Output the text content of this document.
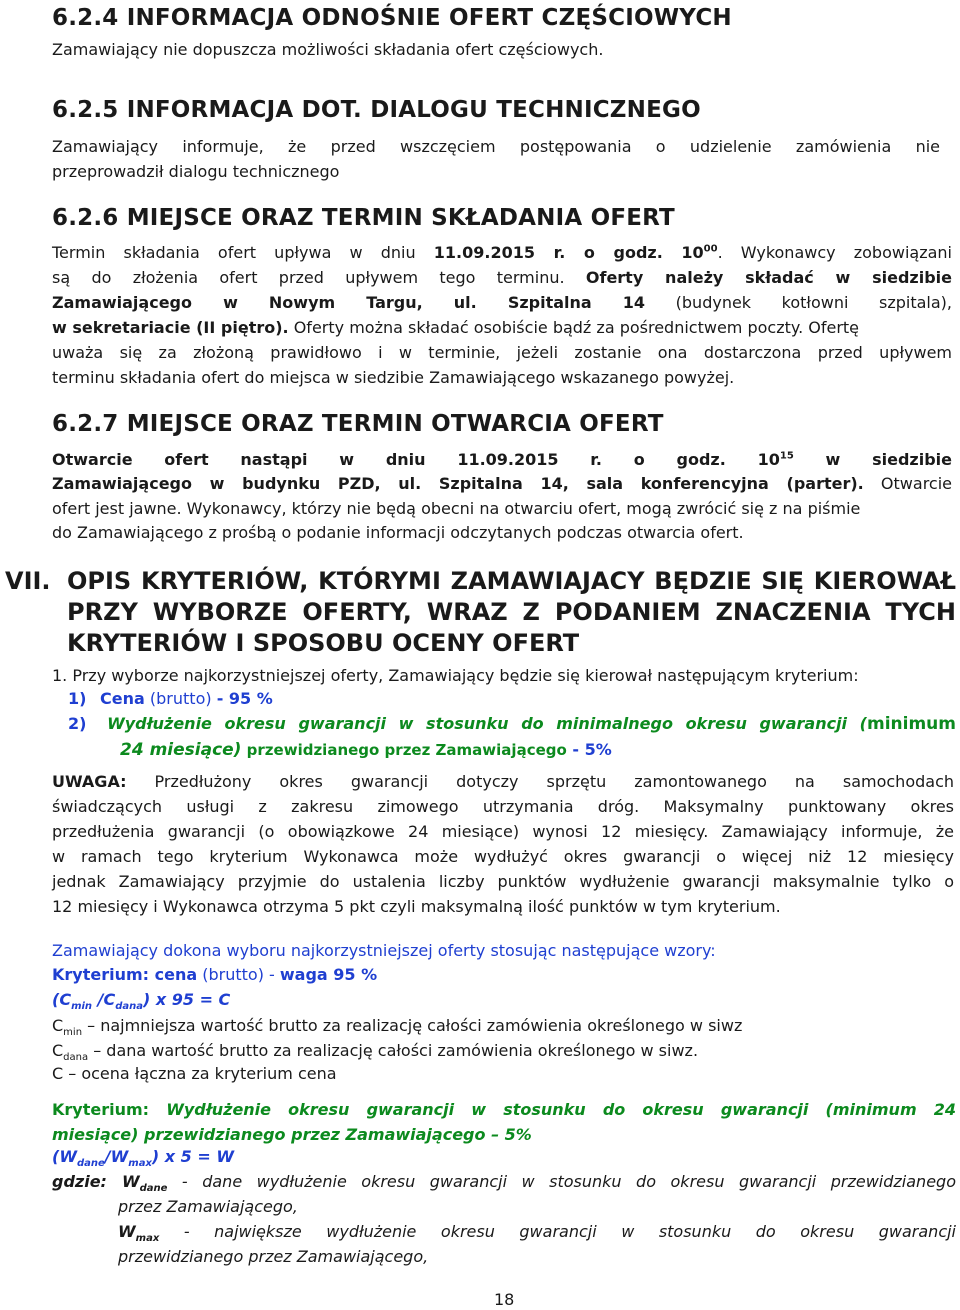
6.2.4 INFORMACJA ODNOŚNIE OFERT CZĘŚCIOWYCH
Zamawiający nie dopuszcza możliwości składania ofert częściowych.
6.2.5 INFORMACJA DOT. DIALOGU TECHNICZNEGO
Zamawiający informuje, że przed wszczęciem postępowania o udzielenie zamówienia nie
przeprowadził dialogu technicznego
6.2.6 MIEJSCE ORAZ TERMIN SKŁADANIA OFERT
Termin składania ofert upływa w dniu 11.09.2015 r. o godz. $10^{00}$. Wykonawcy zobowiązani
są do złożenia ofert przed upływem tego terminu. Oferty należy składać w siedzibie
Zamawiającego w Nowym Targu, ul. Szpitalna 14 (budynek kotłowni szpitala),
w sekretariacie (II piętro). Oferty można składać osobiście bądź za pośrednictwem poczty. Ofertę
uważa się za złożoną prawidłowo i w terminie, jeżeli zostanie ona dostarczona przed upływem
terminu składania ofert do miejsca w siedzibie Zamawiającego wskazanego powyżej.
6.2.7 MIEJSCE ORAZ TERMIN OTWARCIA OFERT
Otwarcie ofert nastąpi w dniu 11.09.2015 r. o godz. $10^{15}$ w siedzibie
Zamawiającego w budynku PZD, ul. Szpitalna 14, sala konferencyjna (parter). Otwarcie
ofert jest jawne. Wykonawcy, którzy nie będą obecni na otwarciu ofert, mogą zwrócić się z na piśmie
do Zamawiającego z prośbą o podanie informacji odczytanych podczas otwarcia ofert.
VII. OPIS KRYTERIÓW, KTÓRYMI ZAMAWIAJACY BĘDZIE SIĘ KIEROWAŁ
PRZY WYBORZE OFERTY, WRAZ Z PODANIEM ZNACZENIA TYCH
KRYTERIÓW I SPOSOBU OCENY OFERT
1. Przy wyborze najkorzystniejszej oferty, Zamawiający będzie się kierował następującym kryterium:
1) Cena (brutto) - 95 %
2) Wydłużenie okresu gwarancji w stosunku do minimalnego okresu gwarancji (minimum
24 miesiące) przewidzianego przez Zamawiającego - 5%
UWAGA: Przedłużony okres gwarancji dotyczy sprzętu zamontowanego na samochodach
świadczących usługi z zakresu zimowego utrzymania dróg. Maksymalny punktowany okres
przedłużenia gwarancji (o obowiązkowe 24 miesiące) wynosi 12 miesięcy. Zamawiający informuje, że
w ramach tego kryterium Wykonawca może wydłużyć okres gwarancji o więcej niż 12 miesięcy
jednak Zamawiający przyjmie do ustalenia liczby punktów wydłużenie gwarancji maksymalnie tylko o
12 miesięcy i Wykonawca otrzyma 5 pkt czyli maksymalną ilość punktów w tym kryterium.
Zamawiający dokona wyboru najkorzystniejszej oferty stosując następujące wzory:
Kryterium: cena (brutto) - waga 95 %
($C_{min}$ $/C_{dana}$) x 95 = C
$C_{min}$ – najmniejsza wartość brutto za realizację całości zamówienia określonego w siwz
$C_{dana}$ – dana wartość brutto za realizację całości zamówienia określonego w siwz.
C – ocena łączna za kryterium cena
Kryterium: Wydłużenie okresu gwarancji w stosunku do okresu gwarancji (minimum 24
miesiące) przewidzianego przez Zamawiającego – 5%
$(W_{dane}/W_{max})$ x 5 = W
gdzie: $W_{dane}$ - dane wydłużenie okresu gwarancji w stosunku do okresu gwarancji przewidzianego
przez Zamawiającego,
$W_{max}$ - największe wydłużenie okresu gwarancji w stosunku do okresu gwarancji
przewidzianego przez Zamawiającego,
18
